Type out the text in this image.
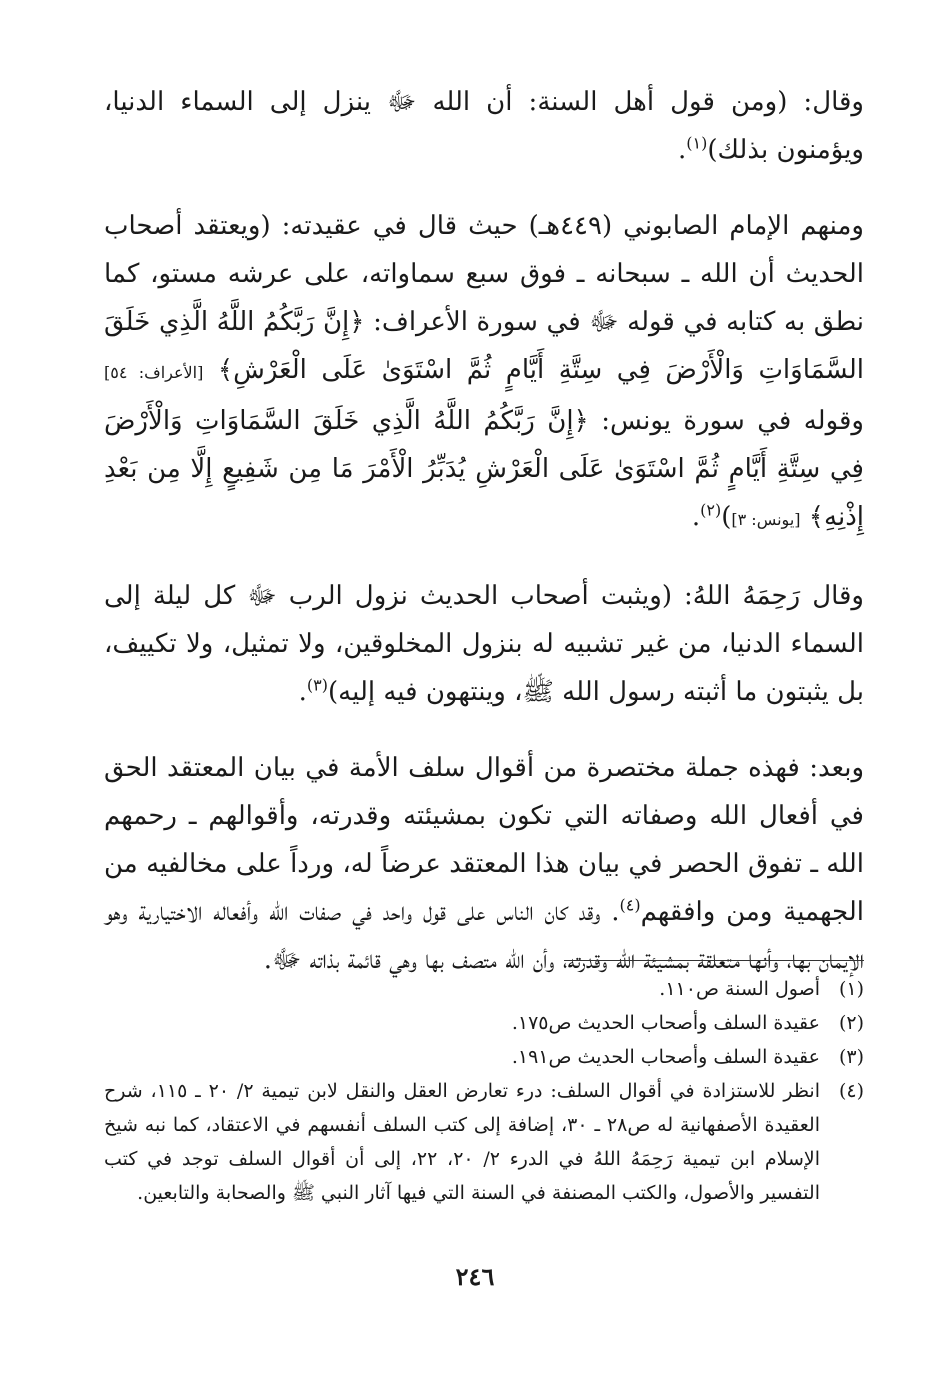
وقال: (ومن قول أهل السنة: أن الله ﷻ ينزل إلى السماء الدنيا، ويؤمنون بذلك)$^{(١)}$.

ومنهم الإمام الصابوني (٤٤٩هـ) حيث قال في عقيدته: (ويعتقد أصحاب الحديث أن الله ـ سبحانه ـ فوق سبع سماواته، على عرشه مستو، كما نطق به كتابه في قوله ﷻ في سورة الأعراف: ﴿إِنَّ رَبَّكُمُ اللَّهُ الَّذِي خَلَقَ السَّمَاوَاتِ وَالْأَرْضَ فِي سِتَّةِ أَيَّامٍ ثُمَّ اسْتَوَىٰ عَلَى الْعَرْشِ﴾ [الأعراف: ٥٤] وقوله في سورة يونس: ﴿إِنَّ رَبَّكُمُ اللَّهُ الَّذِي خَلَقَ السَّمَاوَاتِ وَالْأَرْضَ فِي سِتَّةِ أَيَّامٍ ثُمَّ اسْتَوَىٰ عَلَى الْعَرْشِ يُدَبِّرُ الْأَمْرَ مَا مِن شَفِيعٍ إِلَّا مِن بَعْدِ إِذْنِهِ﴾ [يونس: ٣])$^{(٢)}$.

وقال رَحِمَهُ اللهُ: (ويثبت أصحاب الحديث نزول الرب ﷻ كل ليلة إلى السماء الدنيا، من غير تشبيه له بنزول المخلوقين، ولا تمثيل، ولا تكييف، بل يثبتون ما أثبته رسول الله ﷺ، وينتهون فيه إليه)$^{(٣)}$.

وبعد: فهذه جملة مختصرة من أقوال سلف الأمة في بيان المعتقد الحق في أفعال الله وصفاته التي تكون بمشيئته وقدرته، وأقوالهم ـ رحمهم الله ـ تفوق الحصر في بيان هذا المعتقد عرضاً له، ورداً على مخالفيه من الجهمية ومن وافقهم$^{(٤)}$. وقد كان الناس على قول واحد في صفات الله وأفعاله الاختيارية وهو الإيمان بها، وأنها متعلقة بمشيئة الله وقدرته، وأن الله متصف بها وهي قائمة بذاته ﷻ.

(١)
أصول السنة ص١١٠.
(٢)
عقيدة السلف وأصحاب الحديث ص١٧٥.
(٣)
عقيدة السلف وأصحاب الحديث ص١٩١.
(٤)
انظر للاستزادة في أقوال السلف: درء تعارض العقل والنقل لابن تيمية ٢/ ٢٠ ـ ١١٥، شرح العقيدة الأصفهانية له ص٢٨ ـ ٣٠، إضافة إلى كتب السلف أنفسهم في الاعتقاد، كما نبه شيخ الإسلام ابن تيمية رَحِمَهُ اللهُ في الدرء ٢/ ٢٠، ٢٢، إلى أن أقوال السلف توجد في كتب التفسير والأصول، والكتب المصنفة في السنة التي فيها آثار النبي ﷺ والصحابة والتابعين.
٢٤٦
